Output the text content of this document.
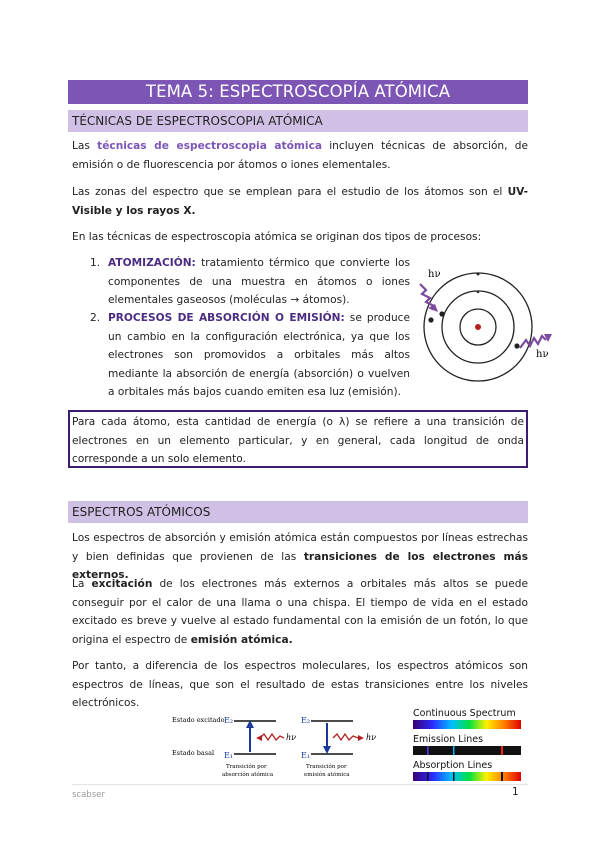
TEMA 5: ESPECTROSCOPÍA ATÓMICA
TÉCNICAS DE ESPECTROSCOPIA ATÓMICA
Las técnicas de espectroscopia atómica incluyen técnicas de absorción, de emisión o de fluorescencia por átomos o iones elementales.
Las zonas del espectro que se emplean para el estudio de los átomos son el UV-Visible y los rayos X.
En las técnicas de espectroscopia atómica se originan dos tipos de procesos:
1. ATOMIZACIÓN: tratamiento térmico que convierte los componentes de una muestra en átomos o iones elementales gaseosos (moléculas → átomos).
2. PROCESOS DE ABSORCIÓN O EMISIÓN: se produce un cambio en la configuración electrónica, ya que los electrones son promovidos a orbitales más altos mediante la absorción de energía (absorción) o vuelven a orbitales más bajos cuando emiten esa luz (emisión).
hν
hν
Para cada átomo, esta cantidad de energía (o λ) se refiere a una transición de electrones en un elemento particular, y en general, cada longitud de onda corresponde a un solo elemento.
ESPECTROS ATÓMICOS
Los espectros de absorción y emisión atómica están compuestos por líneas estrechas y bien definidas que provienen de las transiciones de los electrones más externos.
La excitación de los electrones más externos a orbitales más altos se puede conseguir por el calor de una llama o una chispa. El tiempo de vida en el estado excitado es breve y vuelve al estado fundamental con la emisión de un fotón, lo que origina el espectro de emisión atómica.
Por tanto, a diferencia de los espectros moleculares, los espectros atómicos son espectros de líneas, que son el resultado de estas transiciones entre los niveles electrónicos.
Estado excitado
Estado basal
E₂
E₁
hν
Transición por
absorción atómica
E₂
E₁
hν
Transición por
emisión atómica
Continuous Spectrum
Emission Lines
Absorption Lines
scabser	1
